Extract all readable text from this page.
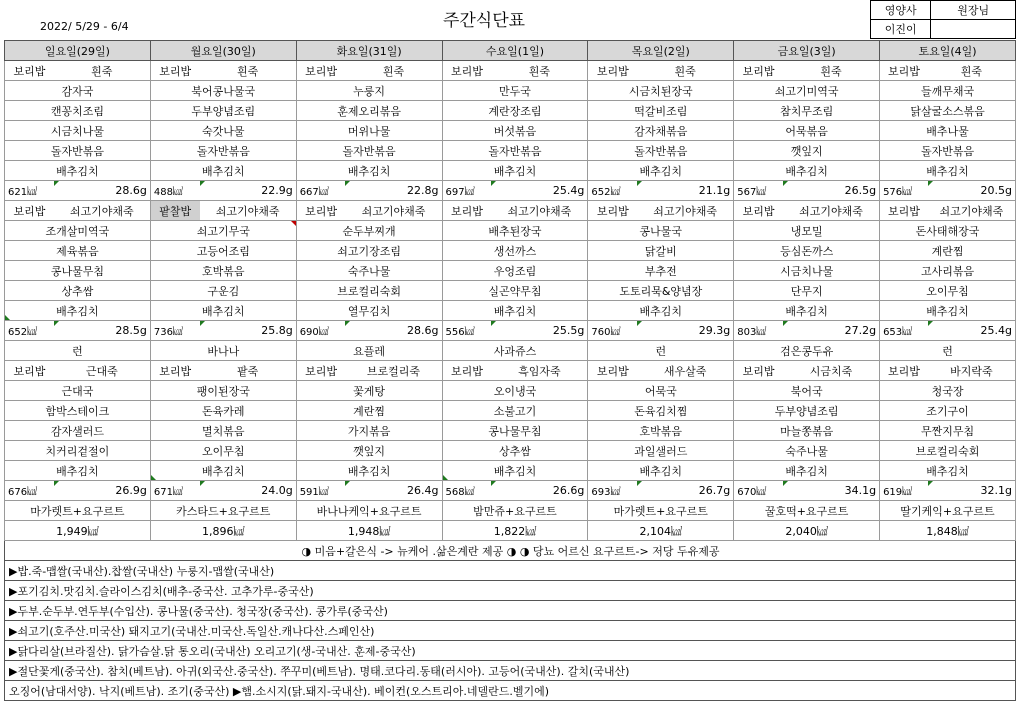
2022/ 5/29 - 6/4	주간식단표
영양사	원장님
이진이	
일요일(29일)		월요일(30일)		화요일(31일)		수요일(1일)		목요일(2일)		금요일(3일)		토요일(4일)	
보리밥	흰죽	보리밥	흰죽	보리밥	흰죽	보리밥	흰죽	보리밥	흰죽	보리밥	흰죽	보리밥	흰죽
감자국		북어콩나물국		누룽지		만두국		시금치된장국		쇠고기미역국		들깨무채국	
캔꽁치조림		두부양념조림		훈제오리볶음		계란장조림		떡갈비조림		참치무조림		닭살굴소스볶음	
시금치나물		숙갓나물		머위나물		버섯볶음		감자채볶음		어묵볶음		배추나물	
돌자반볶음		돌자반볶음		돌자반볶음		돌자반볶음		돌자반볶음		깻잎지		돌자반볶음	
배추김치		배추김치		배추김치		배추김치		배추김치		배추김치		배추김치	
621㎉	28.6g	488㎉	22.9g	667㎉	22.8g	697㎉	25.4g	652㎉	21.1g	567㎉	26.5g	576㎉	20.5g
보리밥	쇠고기야채죽	팥찰밥	쇠고기야채죽	보리밥	쇠고기야채죽	보리밥	쇠고기야채죽	보리밥	쇠고기야채죽	보리밥	쇠고기야채죽	보리밥	쇠고기야채죽
조개살미역국		쇠고기무국		순두부찌개		배추된장국		콩나물국		냉모밀		돈사태해장국	
제육볶음		고등어조림		쇠고기장조림		생선까스		닭갈비		등심돈까스		계란찜	
콩나물무침		호박볶음		숙주나물		우엉조림		부추전		시금치나물		고사리볶음	
상추쌈		구운김		브로컬리숙회		실곤약무침		도토리묵&양념장		단무지		오이무침	
배추김치		배추김치		열무김치		배추김치		배추김치		배추김치		배추김치	
652㎉	28.5g	736㎉	25.8g	690㎉	28.6g	556㎉	25.5g	760㎉	29.3g	803㎉	27.2g	653㎉	25.4g
런		바나나		요플레		사과쥬스		런		검은콩두유		런	
보리밥	근대죽	보리밥	팥죽	보리밥	브로컬리죽	보리밥	흑임자죽	보리밥	새우살죽	보리밥	시금치죽	보리밥	바지락죽
근대국		팽이된장국		꽃게탕		오이냉국		어묵국		북어국		청국장	
함박스테이크		돈육카레		계란찜		소불고기		돈육김치찜		두부양념조림		조기구이	
감자샐러드		멸치볶음		가지볶음		콩나물무침		호박볶음		마늘쫑볶음		무짠지무침	
치커리겉절이		오이무침		깻잎지		상추쌈		과일샐러드		숙주나물		브로컬리숙회	
배추김치		배추김치		배추김치		배추김치		배추김치		배추김치		배추김치	
676㎉	26.9g	671㎉	24.0g	591㎉	26.4g	568㎉	26.6g	693㎉	26.7g	670㎉	34.1g	619㎉	32.1g
마가렛트+요구르트		카스타드+요구르트		바나나케익+요구르트		밤만쥬+요구르트		마가렛트+요구르트		꿀호떡+요구르트		딸기케익+요구르트	
1,949㎉		1,896㎉		1,948㎉		1,822㎉		2,104㎉		2,040㎉		1,848㎉	
◑ 미음+갈은식 -> 뉴케어 .삶은계란 제공 ◑ ◑ 당뇨 어르신 요구르트-> 저당 두유제공													
▶밥.죽-맵쌀(국내산).찹쌀(국내산) 누룽지-맵쌀(국내산)													
▶포기김치.맛김치.슬라이스김치(배추-중국산. 고추가루-중국산)													
▶두부.순두부.연두부(수입산). 콩나물(중국산). 청국장(중국산). 콩가루(중국산)													
▶쇠고기(호주산.미국산) 돼지고기(국내산.미국산.독일산.캐나다산.스페인산)													
▶닭다리살(브라질산). 닭가슴살.닭 통오리(국내산) 오리고기(생-국내산. 훈제-중국산)													
▶절단꽃게(중국산). 참치(베트남). 아귀(외국산.중국산). 쭈꾸미(베트남). 명태.코다리.동태(러시아). 고등어(국내산). 갈치(국내산)													
오징어(남대서양). 낙지(베트남). 조기(중국산) ▶햄.소시지(닭.돼지-국내산). 베이컨(오스트리아.네델란드.벨기에)													
